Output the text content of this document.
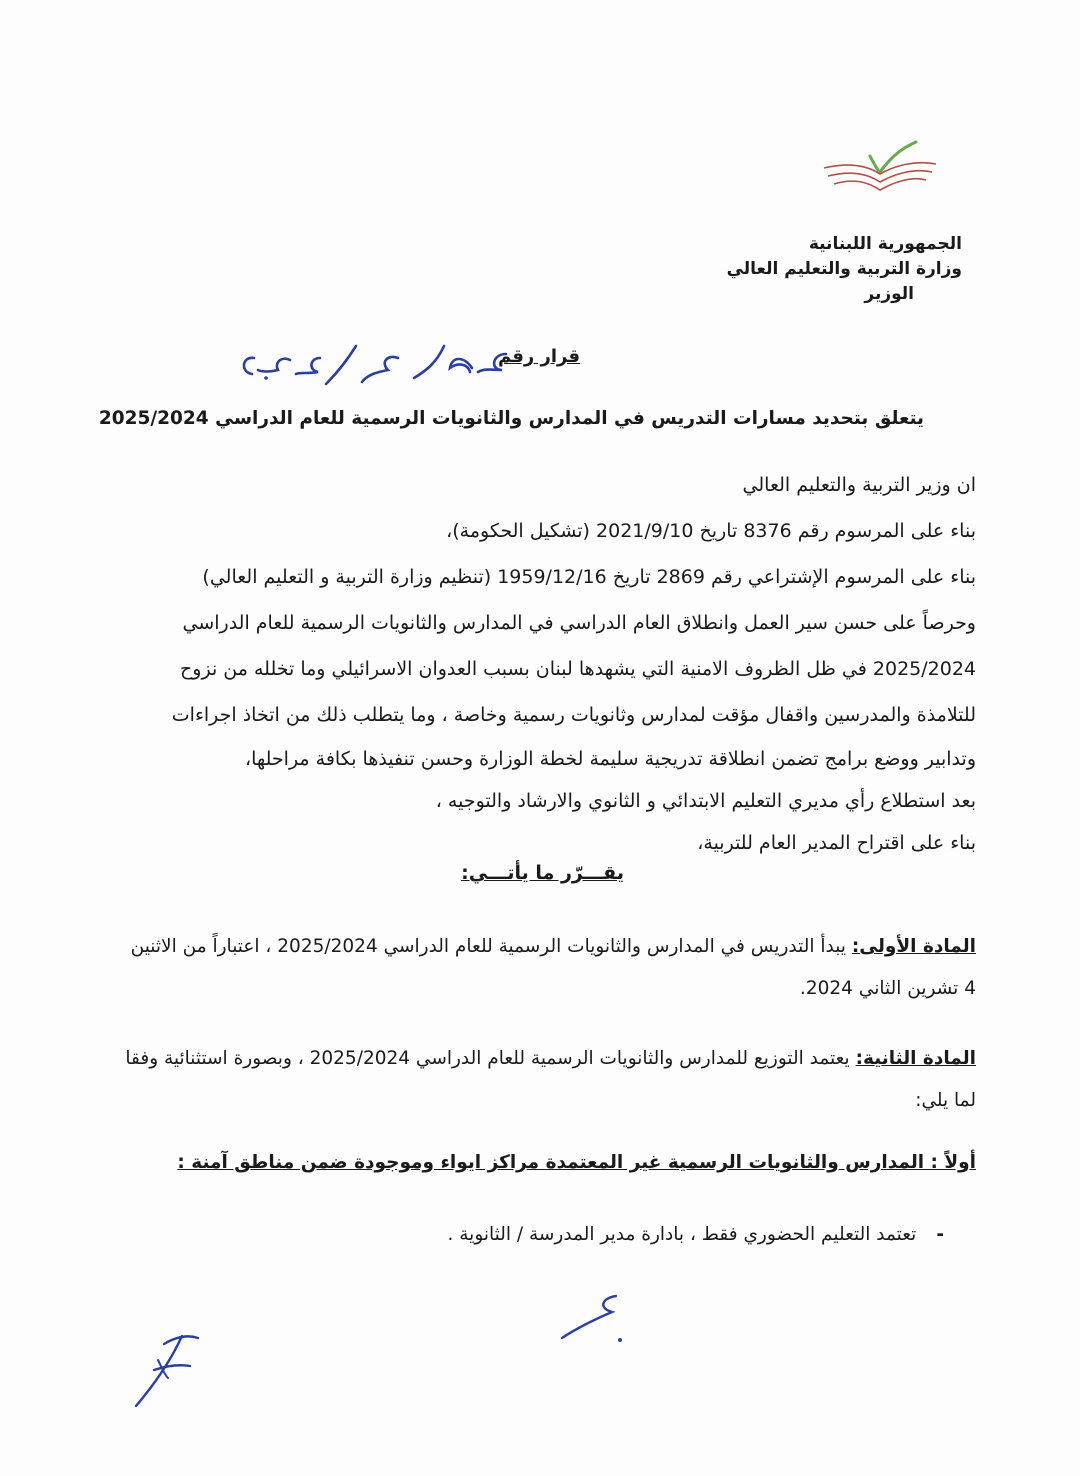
الجمهورية اللبنانية
وزارة التربية والتعليم العالي
الوزير
قرار رقم
يتعلق بتحديد مسارات التدريس في المدارس والثانويات الرسمية للعام الدراسي 2025/2024
ان وزير التربية والتعليم العالي
بناء على المرسوم رقم 8376 تاريخ 2021/9/10 (تشكيل الحكومة)،
بناء على المرسوم الإشتراعي رقم 2869 تاريخ 1959/12/16 (تنظيم وزارة التربية و التعليم العالي)
وحرصاً على حسن سير العمل وانطلاق العام الدراسي في المدارس والثانويات الرسمية للعام الدراسي
2025/2024 في ظل الظروف الامنية التي يشهدها لبنان بسبب العدوان الاسرائيلي وما تخلله من نزوح
للتلامذة والمدرسين واقفال مؤقت لمدارس وثانويات رسمية وخاصة ، وما يتطلب ذلك من اتخاذ اجراءات
وتدابير ووضع برامج تضمن انطلاقة تدريجية سليمة لخطة الوزارة وحسن تنفيذها بكافة مراحلها،
بعد استطلاع رأي مديري التعليم الابتدائي و الثانوي والارشاد والتوجيه ،
بناء على اقتراح المدير العام للتربية،
يقـــرّر ما يأتـــي:
المادة الأولى: يبدأ التدريس في المدارس والثانويات الرسمية للعام الدراسي 2025/2024 ، اعتباراً من الاثنين
4 تشرين الثاني 2024.
المادة الثانية: يعتمد التوزيع للمدارس والثانويات الرسمية للعام الدراسي 2025/2024 ، وبصورة استثنائية وفقا
لما يلي:
أولاً : المدارس والثانويات الرسمية غير المعتمدة مراكز ايواء وموجودة ضمن مناطق آمنة :
-
تعتمد التعليم الحضوري فقط ، بادارة مدير المدرسة / الثانوية .
